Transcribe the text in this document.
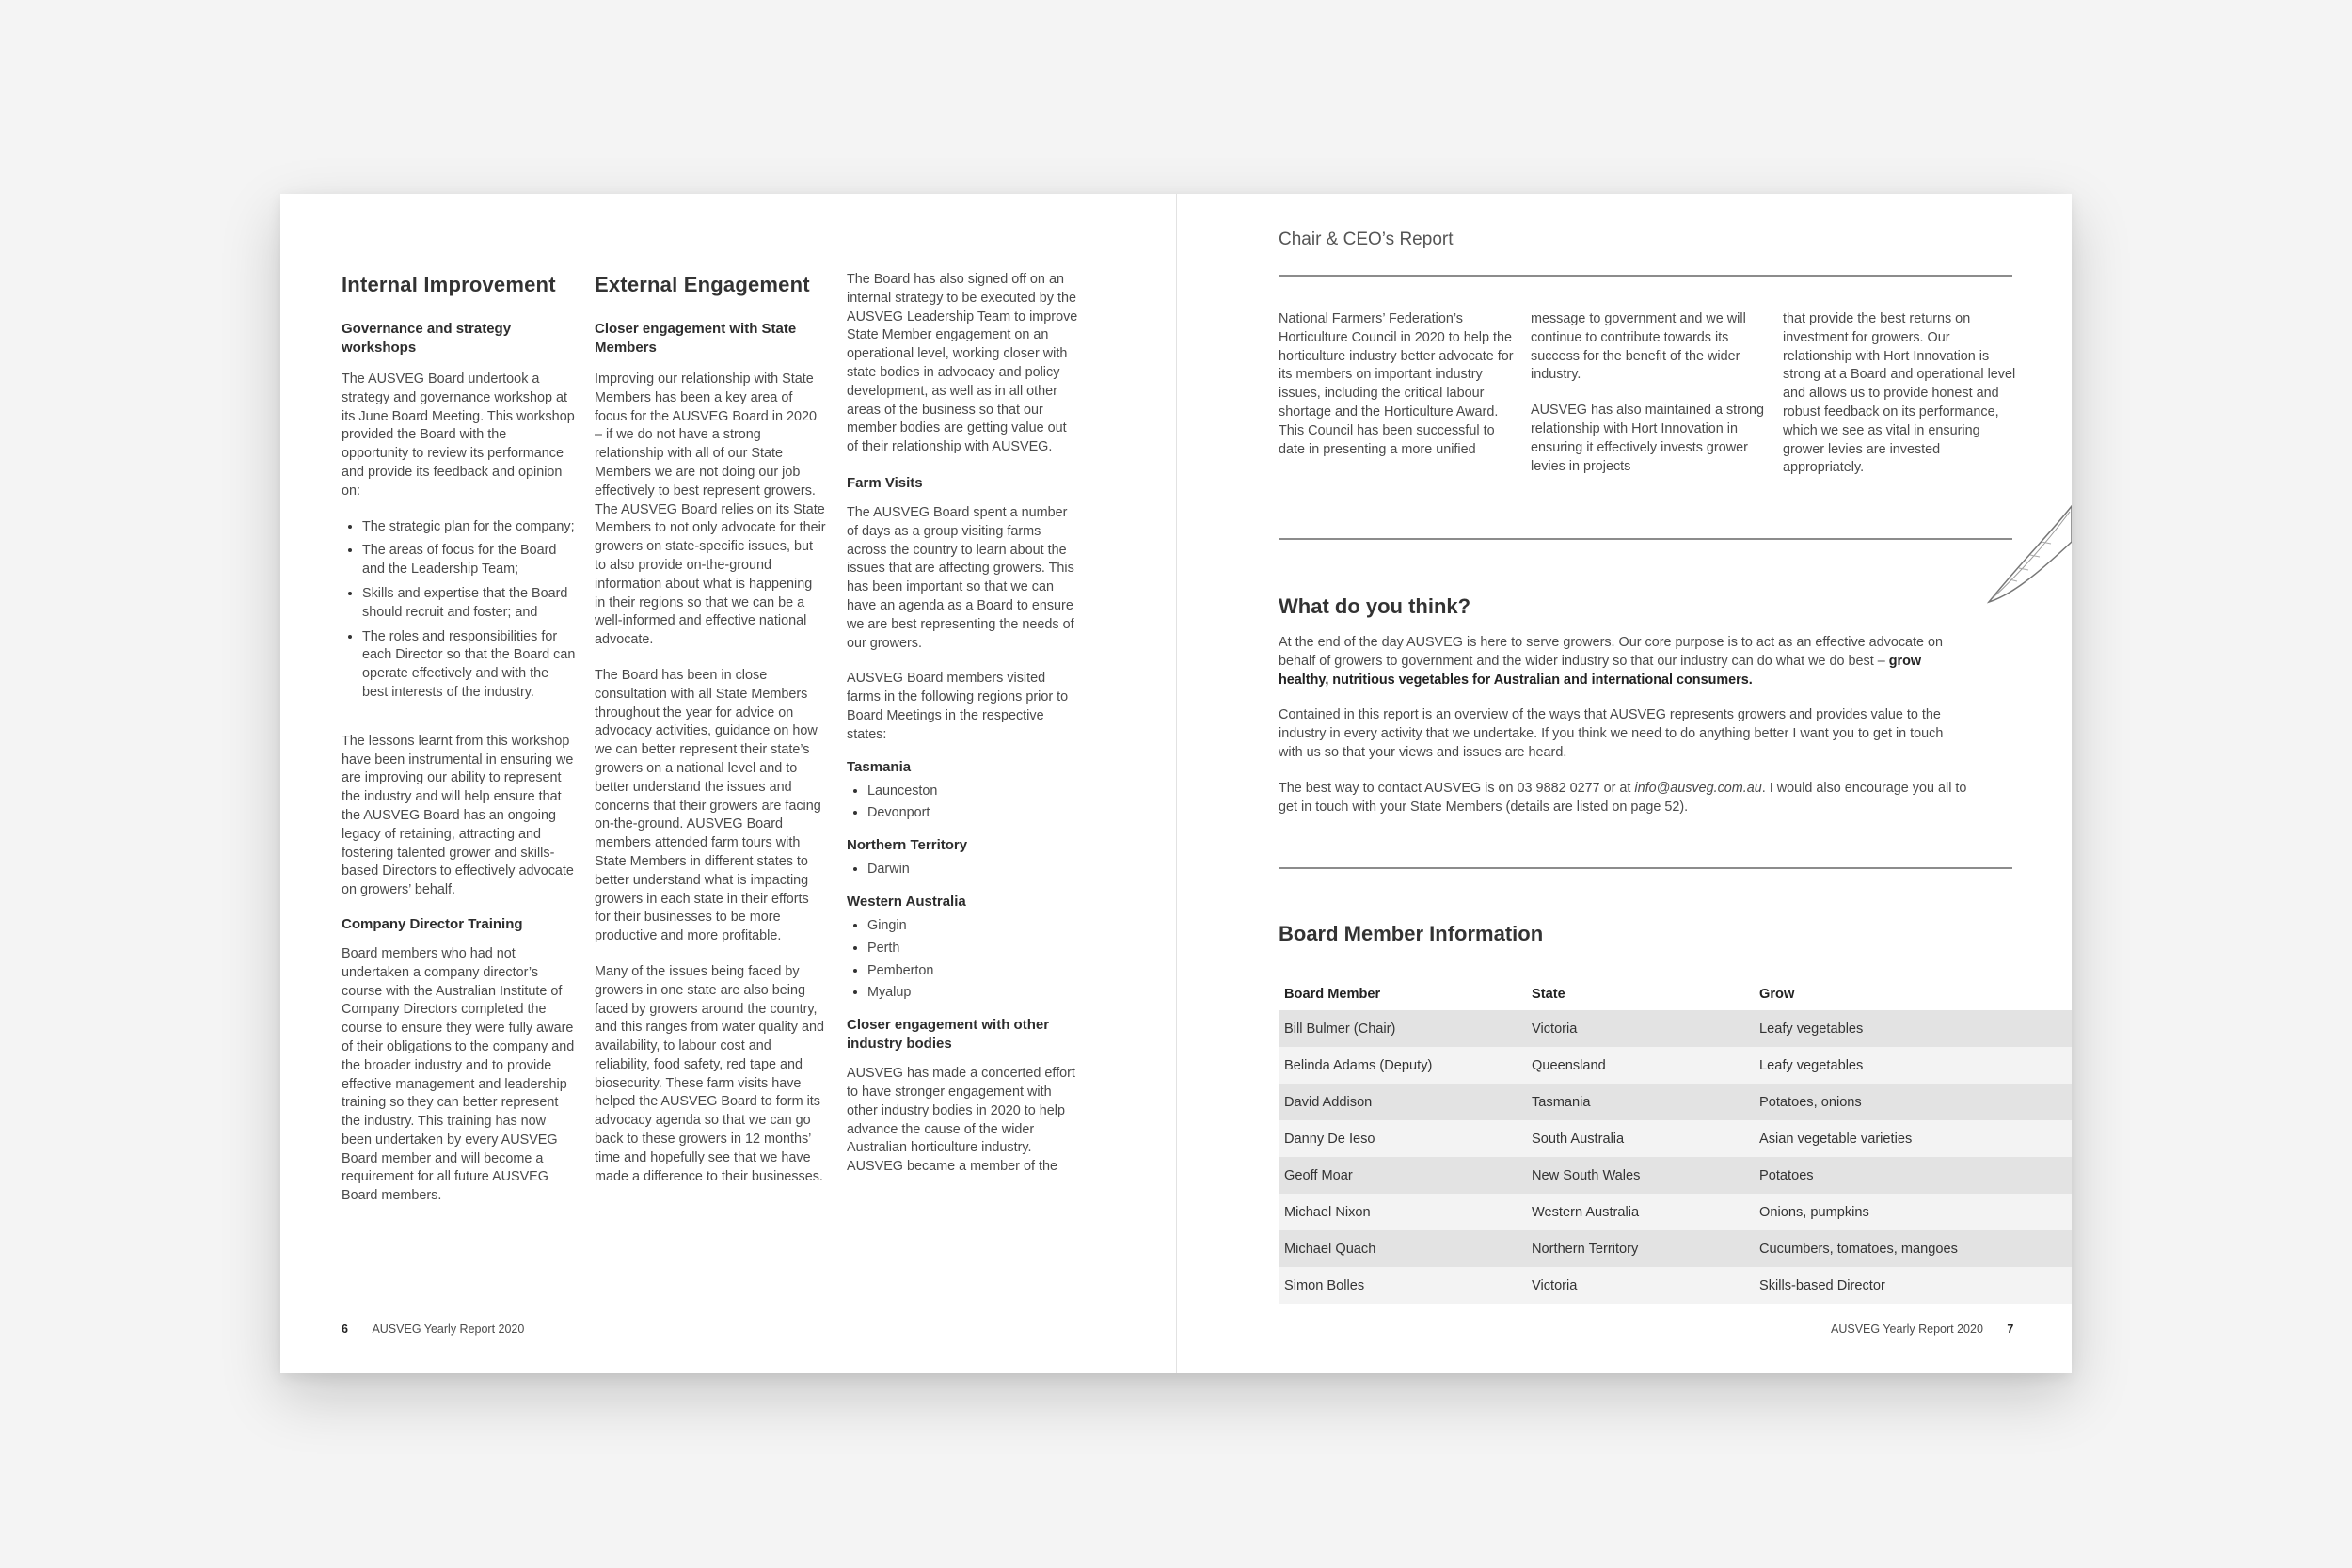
Internal Improvement
Governance and strategy workshops

The AUSVEG Board undertook a strategy and governance workshop at its June Board Meeting. This workshop provided the Board with the opportunity to review its performance and provide its feedback and opinion on:

• The strategic plan for the company;
• The areas of focus for the Board and the Leadership Team;
• Skills and expertise that the Board should recruit and foster; and
• The roles and responsibilities for each Director so that the Board can operate effectively and with the best interests of the industry.

The lessons learnt from this workshop have been instrumental in ensuring we are improving our ability to represent the industry and will help ensure that the AUSVEG Board has an ongoing legacy of retaining, attracting and fostering talented grower and skills-based Directors to effectively advocate on growers’ behalf.

Company Director Training

Board members who had not undertaken a company director’s course with the Australian Institute of Company Directors completed the course to ensure they were fully aware of their obligations to the company and the broader industry and to provide effective management and leadership training so they can better represent the industry. This training has now been undertaken by every AUSVEG Board member and will become a requirement for all future AUSVEG Board members.

External Engagement
Closer engagement with State Members

Improving our relationship with State Members has been a key area of focus for the AUSVEG Board in 2020 – if we do not have a strong relationship with all of our State Members we are not doing our job effectively to best represent growers. The AUSVEG Board relies on its State Members to not only advocate for their growers on state-specific issues, but to also provide on-the-ground information about what is happening in their regions so that we can be a well-informed and effective national advocate.

The Board has been in close consultation with all State Members throughout the year for advice on advocacy activities, guidance on how we can better represent their state’s growers on a national level and to better understand the issues and concerns that their growers are facing on-the-ground. AUSVEG Board members attended farm tours with State Members in different states to better understand what is impacting growers in each state in their efforts for their businesses to be more productive and more profitable.

Many of the issues being faced by growers in one state are also being faced by growers around the country, and this ranges from water quality and availability, to labour cost and reliability, food safety, red tape and biosecurity. These farm visits have helped the AUSVEG Board to form its advocacy agenda so that we can go back to these growers in 12 months’ time and hopefully see that we have made a difference to their businesses.

The Board has also signed off on an internal strategy to be executed by the AUSVEG Leadership Team to improve State Member engagement on an operational level, working closer with state bodies in advocacy and policy development, as well as in all other areas of the business so that our member bodies are getting value out of their relationship with AUSVEG.

Farm Visits

The AUSVEG Board spent a number of days as a group visiting farms across the country to learn about the issues that are affecting growers. This has been important so that we can have an agenda as a Board to ensure we are best representing the needs of our growers.

AUSVEG Board members visited farms in the following regions prior to Board Meetings in the respective states:

Tasmania
• Launceston
• Devonport
Northern Territory
• Darwin
Western Australia
• Gingin
• Perth
• Pemberton
• Myalup
Closer engagement with other industry bodies

AUSVEG has made a concerted effort to have stronger engagement with other industry bodies in 2020 to help advance the cause of the wider Australian horticulture industry. AUSVEG became a member of the

6 AUSVEG Yearly Report 2020
Chair & CEO’s Report

National Farmers’ Federation’s Horticulture Council in 2020 to help the horticulture industry better advocate for its members on important industry issues, including the critical labour shortage and the Horticulture Award. This Council has been successful to date in presenting a more unified

message to government and we will continue to contribute towards its success for the benefit of the wider industry.

AUSVEG has also maintained a strong relationship with Hort Innovation in ensuring it effectively invests grower levies in projects

that provide the best returns on investment for growers. Our relationship with Hort Innovation is strong at a Board and operational level and allows us to provide honest and robust feedback on its performance, which we see as vital in ensuring grower levies are invested appropriately.

What do you think?

At the end of the day AUSVEG is here to serve growers. Our core purpose is to act as an effective advocate on behalf of growers to government and the wider industry so that our industry can do what we do best – grow healthy, nutritious vegetables for Australian and international consumers.

Contained in this report is an overview of the ways that AUSVEG represents growers and provides value to the industry in every activity that we undertake. If you think we need to do anything better I want you to get in touch with us so that your views and issues are heard.

The best way to contact AUSVEG is on 03 9882 0277 or at info@ausveg.com.au. I would also encourage you all to get in touch with your State Members (details are listed on page 52).

Board Member Information
Board Member	State	Grow
Bill Bulmer (Chair)	Victoria	Leafy vegetables
Belinda Adams (Deputy)	Queensland	Leafy vegetables
David Addison	Tasmania	Potatoes, onions
Danny De Ieso	South Australia	Asian vegetable varieties
Geoff Moar	New South Wales	Potatoes
Michael Nixon	Western Australia	Onions, pumpkins
Michael Quach	Northern Territory	Cucumbers, tomatoes, mangoes
Simon Bolles	Victoria	Skills-based Director
AUSVEG Yearly Report 2020 7
